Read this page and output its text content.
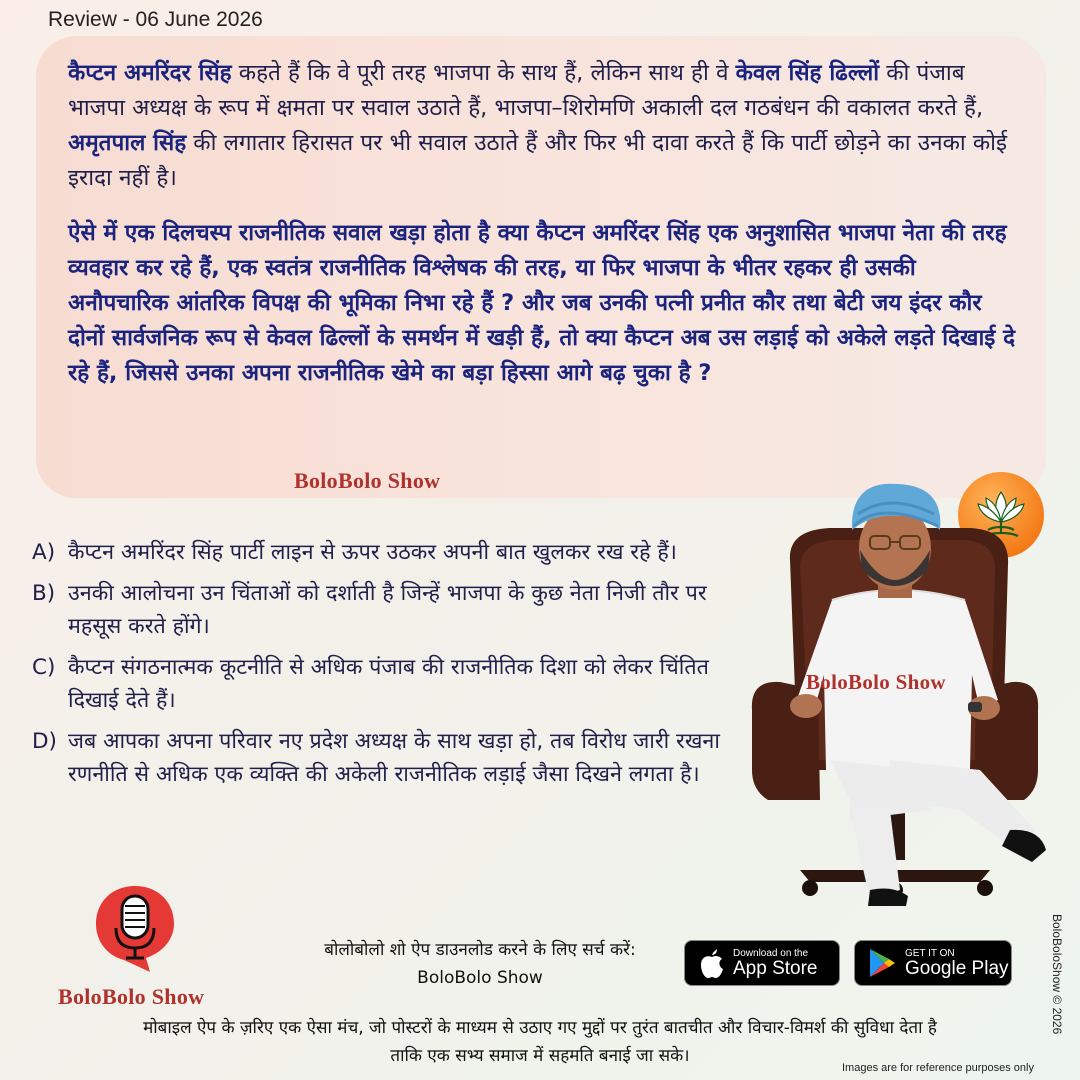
Review - 06 June 2026

कैप्टन अमरिंदर सिंह कहते हैं कि वे पूरी तरह भाजपा के साथ हैं, लेकिन साथ ही वे केवल सिंह ढिल्लों की पंजाब भाजपा अध्यक्ष के रूप में क्षमता पर सवाल उठाते हैं, भाजपा–शिरोमणि अकाली दल गठबंधन की वकालत करते हैं, अमृतपाल सिंह की लगातार हिरासत पर भी सवाल उठाते हैं और फिर भी दावा करते हैं कि पार्टी छोड़ने का उनका कोई इरादा नहीं है।

ऐसे में एक दिलचस्प राजनीतिक सवाल खड़ा होता है क्या कैप्टन अमरिंदर सिंह एक अनुशासित भाजपा नेता की तरह व्यवहार कर रहे हैं, एक स्वतंत्र राजनीतिक विश्लेषक की तरह, या फिर भाजपा के भीतर रहकर ही उसकी अनौपचारिक आंतरिक विपक्ष की भूमिका निभा रहे हैं ? और जब उनकी पत्नी प्रनीत कौर तथा बेटी जय इंदर कौर दोनों सार्वजनिक रूप से केवल ढिल्लों के समर्थन में खड़ी हैं, तो क्या कैप्टन अब उस लड़ाई को अकेले लड़ते दिखाई दे रहे हैं, जिससे उनका अपना राजनीतिक खेमे का बड़ा हिस्सा आगे बढ़ चुका है ?

BoloBolo Show
A) कैप्टन अमरिंदर सिंह पार्टी लाइन से ऊपर उठकर अपनी बात खुलकर रख रहे हैं।
B) उनकी आलोचना उन चिंताओं को दर्शाती है जिन्हें भाजपा के कुछ नेता निजी तौर पर महसूस करते होंगे।
C) कैप्टन संगठनात्मक कूटनीति से अधिक पंजाब की राजनीतिक दिशा को लेकर चिंतित दिखाई देते हैं।
D) जब आपका अपना परिवार नए प्रदेश अध्यक्ष के साथ खड़ा हो, तब विरोध जारी रखना रणनीति से अधिक एक व्यक्ति की अकेली राजनीतिक लड़ाई जैसा दिखने लगता है।
BoloBolo Show
BoloBolo Show
बोलोबोलो शो ऐप डाउनलोड करने के लिए सर्च करें:
BoloBolo Show
Download on the
App Store
GET IT ON
Google Play
मोबाइल ऐप के ज़रिए एक ऐसा मंच, जो पोस्टरों के माध्यम से उठाए गए मुद्दों पर तुरंत बातचीत और विचार-विमर्श की सुविधा देता है
ताकि एक सभ्य समाज में सहमति बनाई जा सके।
Images are for reference purposes only
BoloBoloShow © 2026
